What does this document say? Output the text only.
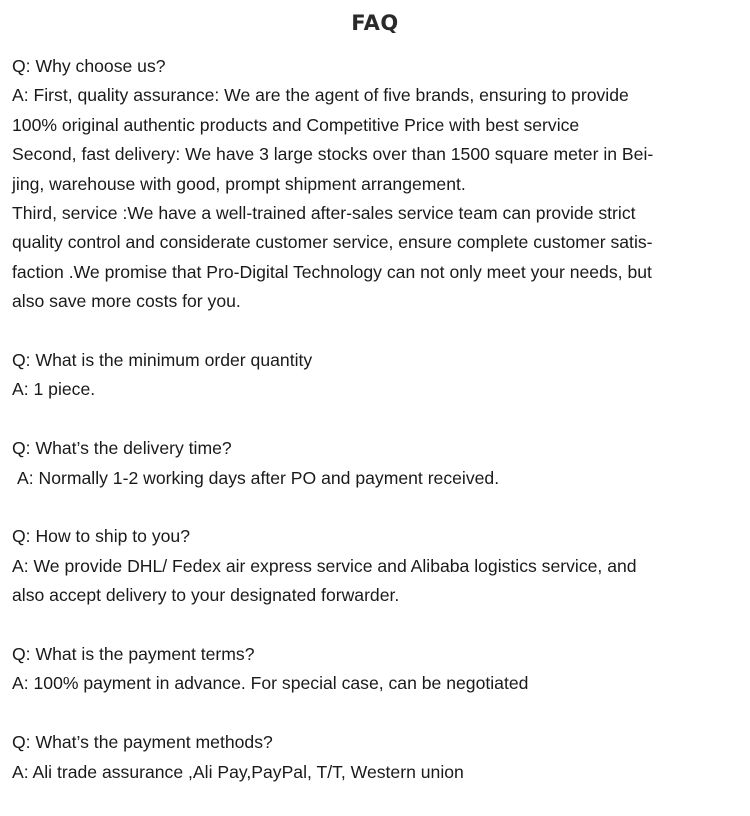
FAQ
Q: Why choose us?
A: First, quality assurance: We are the agent of five brands, ensuring to provide
100% original authentic products and Competitive Price with best service
Second, fast delivery: We have 3 large stocks over than 1500 square meter in Bei-
jing, warehouse with good, prompt shipment arrangement.
Third, service :We have a well-trained after-sales service team can provide strict
quality control and considerate customer service, ensure complete customer satis-
faction .We promise that Pro-Digital Technology can not only meet your needs, but
also save more costs for you.
Q: What is the minimum order quantity
A: 1 piece.
Q: What’s the delivery time?
A: Normally 1-2 working days after PO and payment received.
Q: How to ship to you?
A: We provide DHL/ Fedex air express service and Alibaba logistics service, and
also accept delivery to your designated forwarder.
Q: What is the payment terms?
A: 100% payment in advance. For special case, can be negotiated
Q: What’s the payment methods?
A: Ali trade assurance ,Ali Pay,PayPal, T/T, Western union
